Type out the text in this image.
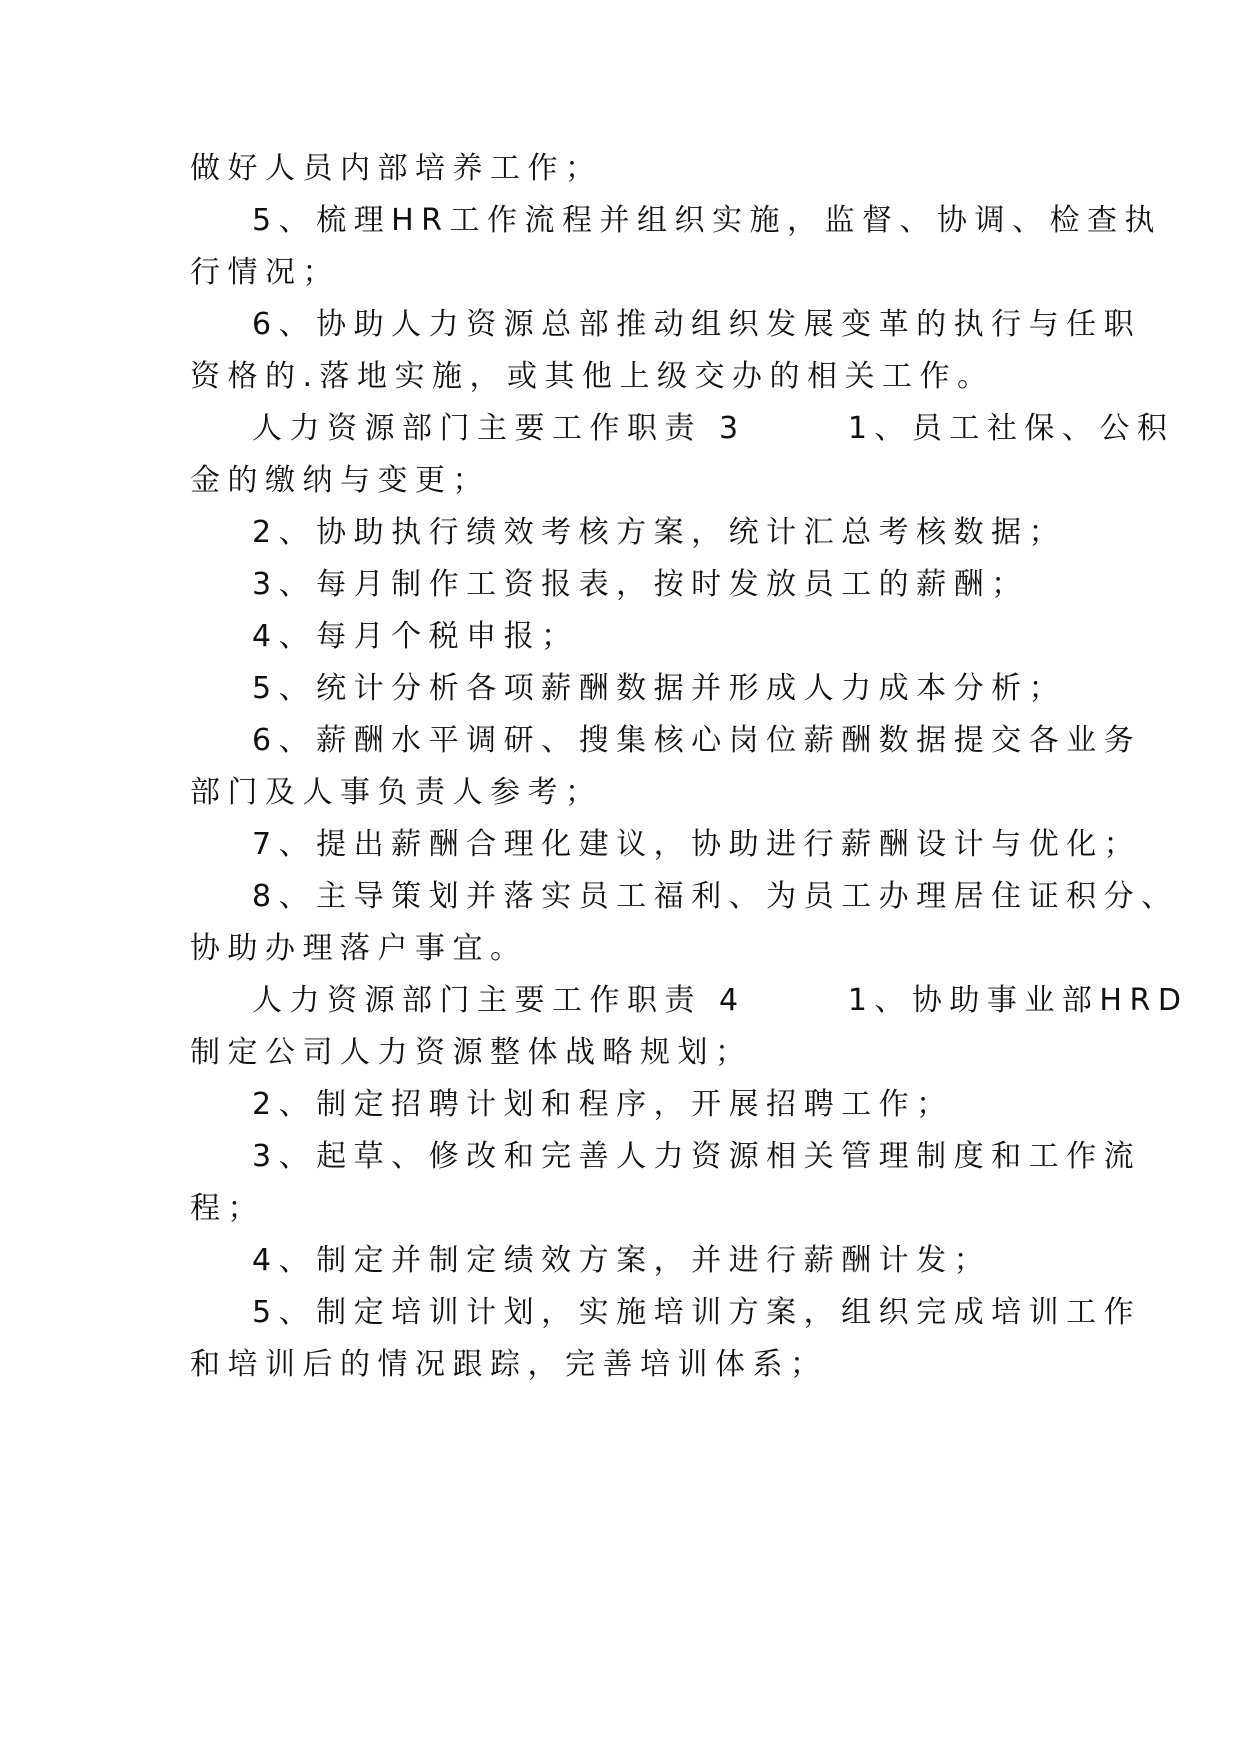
做好人员内部培养工作；
5、梳理HR工作流程并组织实施，监督、协调、检查执
行情况；
6、协助人力资源总部推动组织发展变革的执行与任职
资格的.落地实施，或其他上级交办的相关工作。
人力资源部门主要工作职责 3      1、员工社保、公积
金的缴纳与变更；
2、协助执行绩效考核方案，统计汇总考核数据；
3、每月制作工资报表，按时发放员工的薪酬；
4、每月个税申报；
5、统计分析各项薪酬数据并形成人力成本分析；
6、薪酬水平调研、搜集核心岗位薪酬数据提交各业务
部门及人事负责人参考；
7、提出薪酬合理化建议，协助进行薪酬设计与优化；
8、主导策划并落实员工福利、为员工办理居住证积分、
协助办理落户事宜。
人力资源部门主要工作职责 4      1、协助事业部HRD
制定公司人力资源整体战略规划；
2、制定招聘计划和程序，开展招聘工作；
3、起草、修改和完善人力资源相关管理制度和工作流
程；
4、制定并制定绩效方案，并进行薪酬计发；
5、制定培训计划，实施培训方案，组织完成培训工作
和培训后的情况跟踪，完善培训体系；
